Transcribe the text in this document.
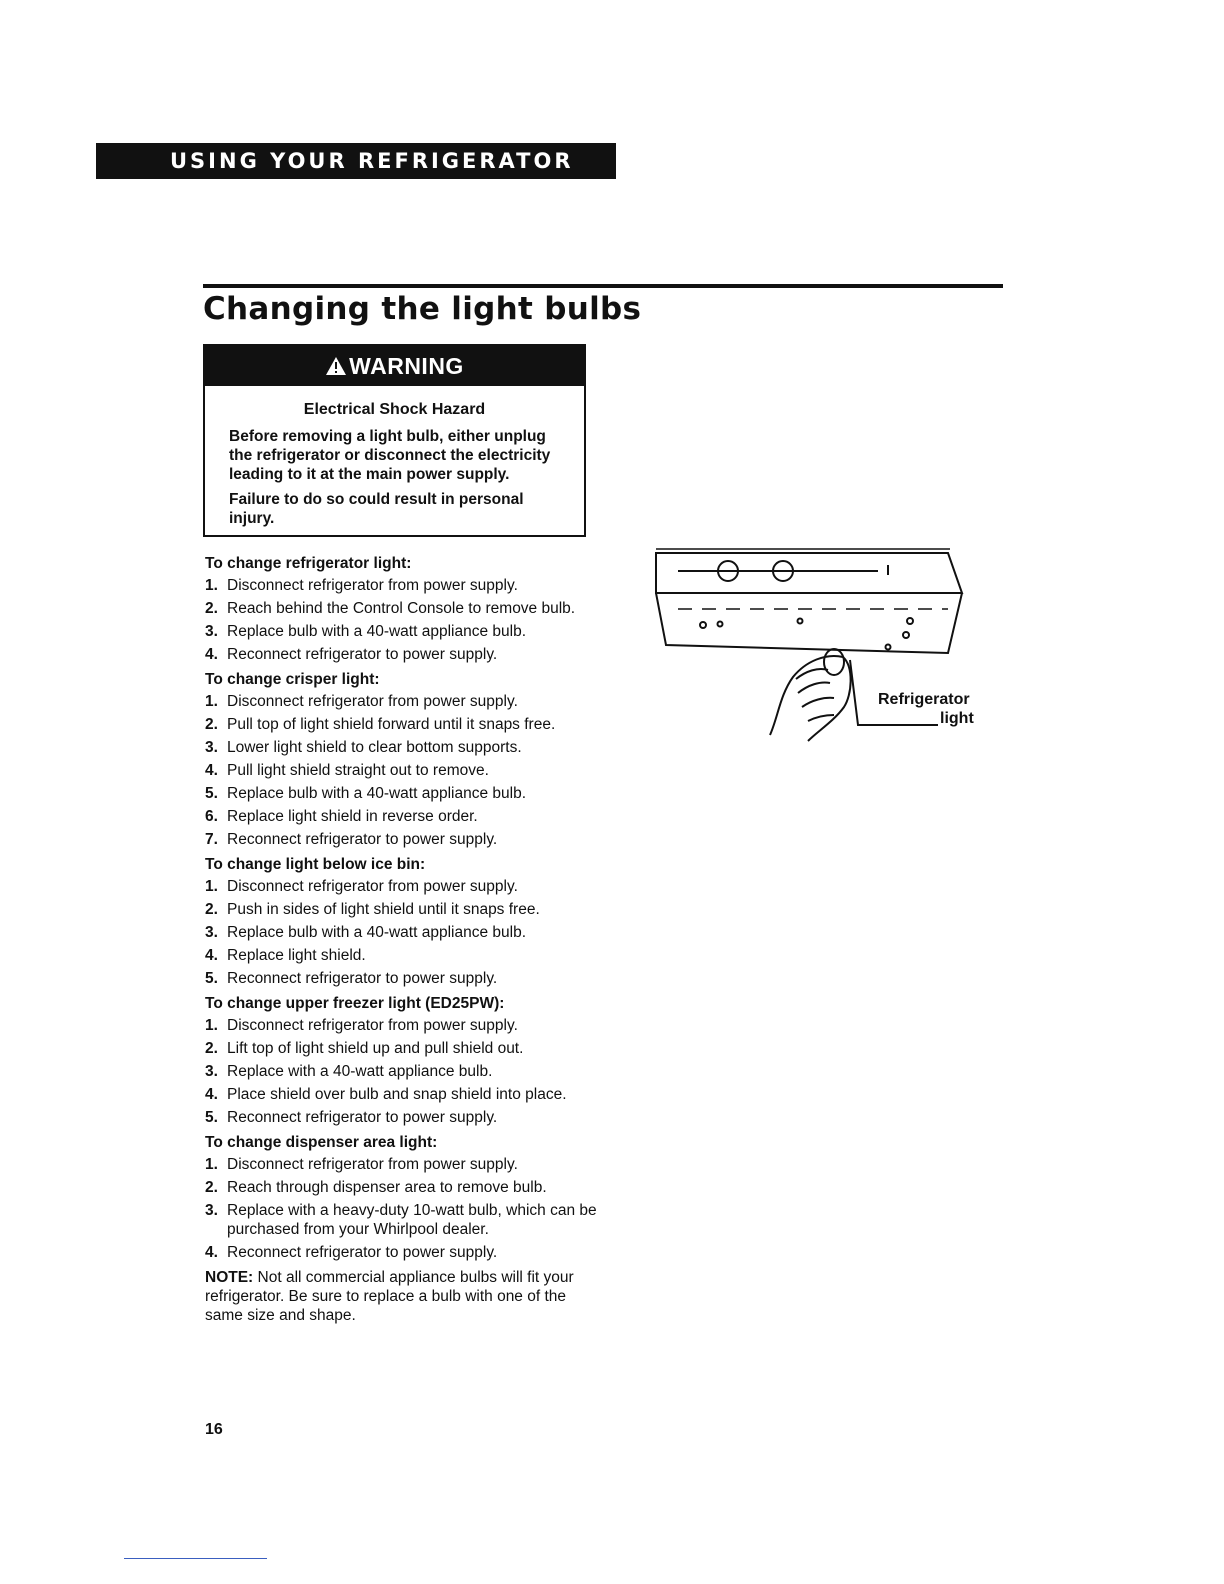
USING YOUR REFRIGERATOR
Changing the light bulbs
WARNING
Electrical Shock Hazard

Before removing a light bulb, either unplug the refrigerator or disconnect the electricity leading to it at the main power supply.

Failure to do so could result in personal injury.

To change refrigerator light:
1. Disconnect refrigerator from power supply.
2. Reach behind the Control Console to remove bulb.
3. Replace bulb with a 40-watt appliance bulb.
4. Reconnect refrigerator to power supply.
To change crisper light:
1. Disconnect refrigerator from power supply.
2. Pull top of light shield forward until it snaps free.
3. Lower light shield to clear bottom supports.
4. Pull light shield straight out to remove.
5. Replace bulb with a 40-watt appliance bulb.
6. Replace light shield in reverse order.
7. Reconnect refrigerator to power supply.
To change light below ice bin:
1. Disconnect refrigerator from power supply.
2. Push in sides of light shield until it snaps free.
3. Replace bulb with a 40-watt appliance bulb.
4. Replace light shield.
5. Reconnect refrigerator to power supply.
To change upper freezer light (ED25PW):
1. Disconnect refrigerator from power supply.
2. Lift top of light shield up and pull shield out.
3. Replace with a 40-watt appliance bulb.
4. Place shield over bulb and snap shield into place.
5. Reconnect refrigerator to power supply.
To change dispenser area light:
1. Disconnect refrigerator from power supply.
2. Reach through dispenser area to remove bulb.
3. Replace with a heavy-duty 10-watt bulb, which can be purchased from your Whirlpool dealer.
4. Reconnect refrigerator to power supply.

NOTE: Not all commercial appliance bulbs will fit your refrigerator. Be sure to replace a bulb with one of the same size and shape.

16
Refrigerator
light
